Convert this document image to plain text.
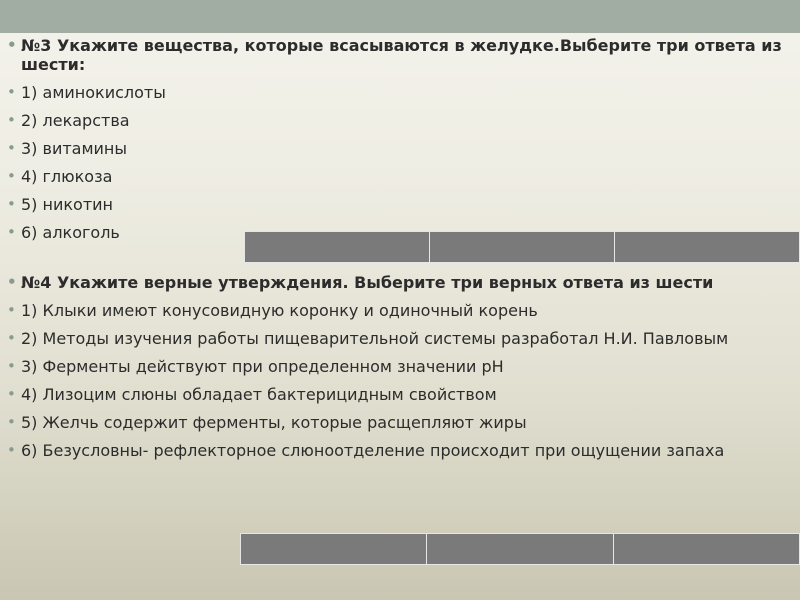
• №3 Укажите вещества, которые всасываются в желудке.Выберите три ответа из шести:
• 1) аминокислоты
• 2) лекарства
• 3) витамины
• 4) глюкоза
• 5) никотин
• 6) алкоголь

• №4 Укажите верные утверждения. Выберите три верных ответа из шести
• 1) Клыки имеют конусовидную коронку и одиночный корень
• 2) Методы изучения работы пищеварительной системы разработал Н.И. Павловым
• 3) Ферменты действуют при определенном значении рН
• 4) Лизоцим слюны обладает бактерицидным свойством
• 5) Желчь содержит ферменты, которые расщепляют жиры
• 6) Безусловны- рефлекторное слюноотделение происходит при ощущении запаха
